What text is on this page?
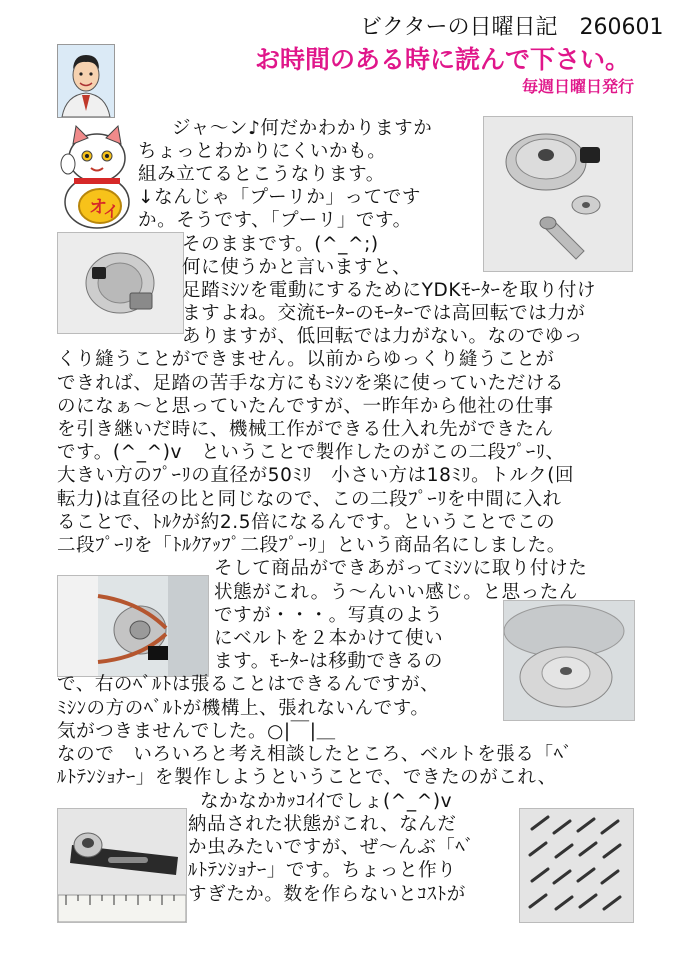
ビクターの日曜日記　260601
お時間のある時に読んで下さい。
毎週日曜日発行
オ
イ
ジャ～ン♪何だかわかりますか
ちょっとわかりにくいかも。
組み立てるとこうなります。
↓なんじゃ「プーリか」ってです
か。そうです、「プーリ」です。
そのままです。(^_^;)
何に使うかと言いますと、
足踏ﾐｼﾝを電動にするためにYDKﾓｰﾀｰを取り付け
ますよね。交流ﾓｰﾀｰのﾓｰﾀｰでは高回転では力が
ありますが、低回転では力がない。なのでゆっ
くり縫うことができません。以前からゆっくり縫うことが
できれば、足踏の苦手な方にもﾐｼﾝを楽に使っていただける
のになぁ～と思っていたんですが、一昨年から他社の仕事
を引き継いだ時に、機械工作ができる仕入れ先ができたん
です。(^_^)v　ということで製作したのがこの二段ﾌﾟｰﾘ、
大きい方のﾌﾟｰﾘの直径が50ﾐﾘ　小さい方は18ﾐﾘ。トルク(回
転力)は直径の比と同じなので、この二段ﾌﾟｰﾘを中間に入れ
ることで、ﾄﾙｸが約2.5倍になるんです。ということでこの
二段ﾌﾟｰﾘを「ﾄﾙｸｱｯﾌﾟ二段ﾌﾟｰﾘ」という商品名にしました。
そして商品ができあがってﾐｼﾝに取り付けた
状態がこれ。う～んいい感じ。と思ったん
ですが・・・。写真のよう
にベルトを２本かけて使い
ます。ﾓｰﾀｰは移動できるの
で、右のﾍﾞﾙﾄは張ることはできるんですが、
ﾐｼﾝの方のﾍﾞﾙﾄが機構上、張れないんです。
気がつきませんでした。○|￣|＿
なので　いろいろと考え相談したところ、ベルトを張る「ﾍﾞ
ﾙﾄﾃﾝｼｮﾅｰ」を製作しようということで、できたのがこれ、
なかなかｶｯｺｲｲでしょ(^_^)v
納品された状態がこれ、なんだ
か虫みたいですが、ぜ～んぶ「ﾍﾞ
ﾙﾄﾃﾝｼｮﾅｰ」です。ちょっと作り
すぎたか。数を作らないとｺｽﾄが
